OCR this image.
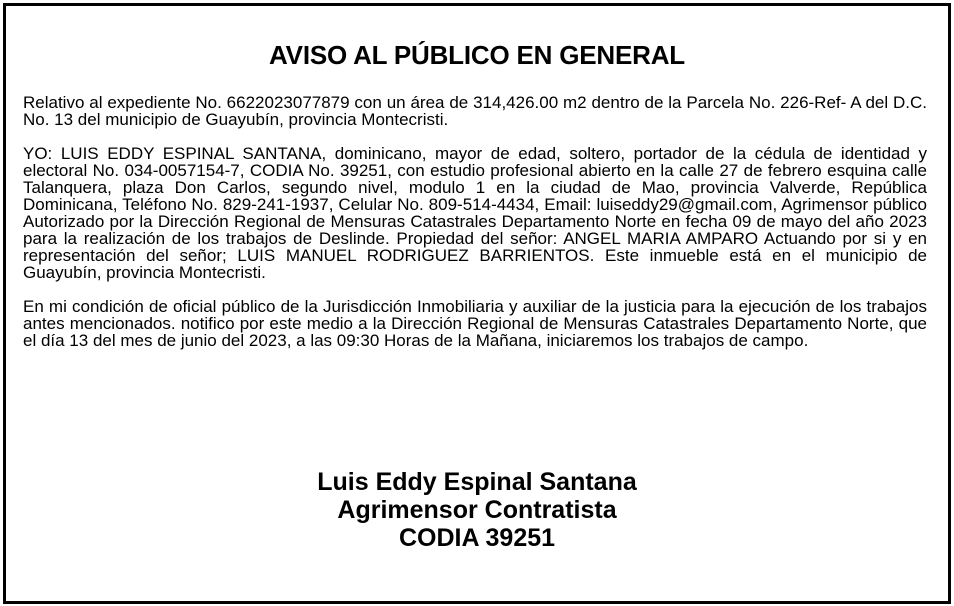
AVISO AL PÚBLICO EN GENERAL

Relativo al expediente No. 6622023077879 con un área de 314,426.00 m2 dentro de la Parcela No. 226-Ref- A del D.C. No. 13 del municipio de Guayubín, provincia Montecristi.

YO: LUIS EDDY ESPINAL SANTANA, dominicano, mayor de edad, soltero, portador de la cédula de identidad y electoral No. 034-0057154-7, CODIA No. 39251, con estudio profesional abierto en la calle 27 de febrero esquina calle Talanquera, plaza Don Carlos, segundo nivel, modulo 1 en la ciudad de Mao, provincia Valverde, República Dominicana, Teléfono No. 829-241-1937, Celular No. 809-514-4434, Email: luiseddy29@gmail.com, Agrimensor público Autorizado por la Dirección Regional de Mensuras Catastrales Departamento Norte en fecha 09 de mayo del año 2023 para la realización de los trabajos de Deslinde. Propiedad del señor: ANGEL MARIA AMPARO Actuando por si y en representación del señor; LUIS MANUEL RODRIGUEZ BARRIENTOS. Este inmueble está en el municipio de Guayubín, provincia Montecristi.

En mi condición de oficial público de la Jurisdicción Inmobiliaria y auxiliar de la justicia para la ejecución de los trabajos antes mencionados. notifico por este medio a la Dirección Regional de Mensuras Catastrales Departamento Norte, que el día 13 del mes de junio del 2023, a las 09:30 Horas de la Mañana, iniciaremos los trabajos de campo.

Luis Eddy Espinal Santana
Agrimensor Contratista
CODIA 39251
